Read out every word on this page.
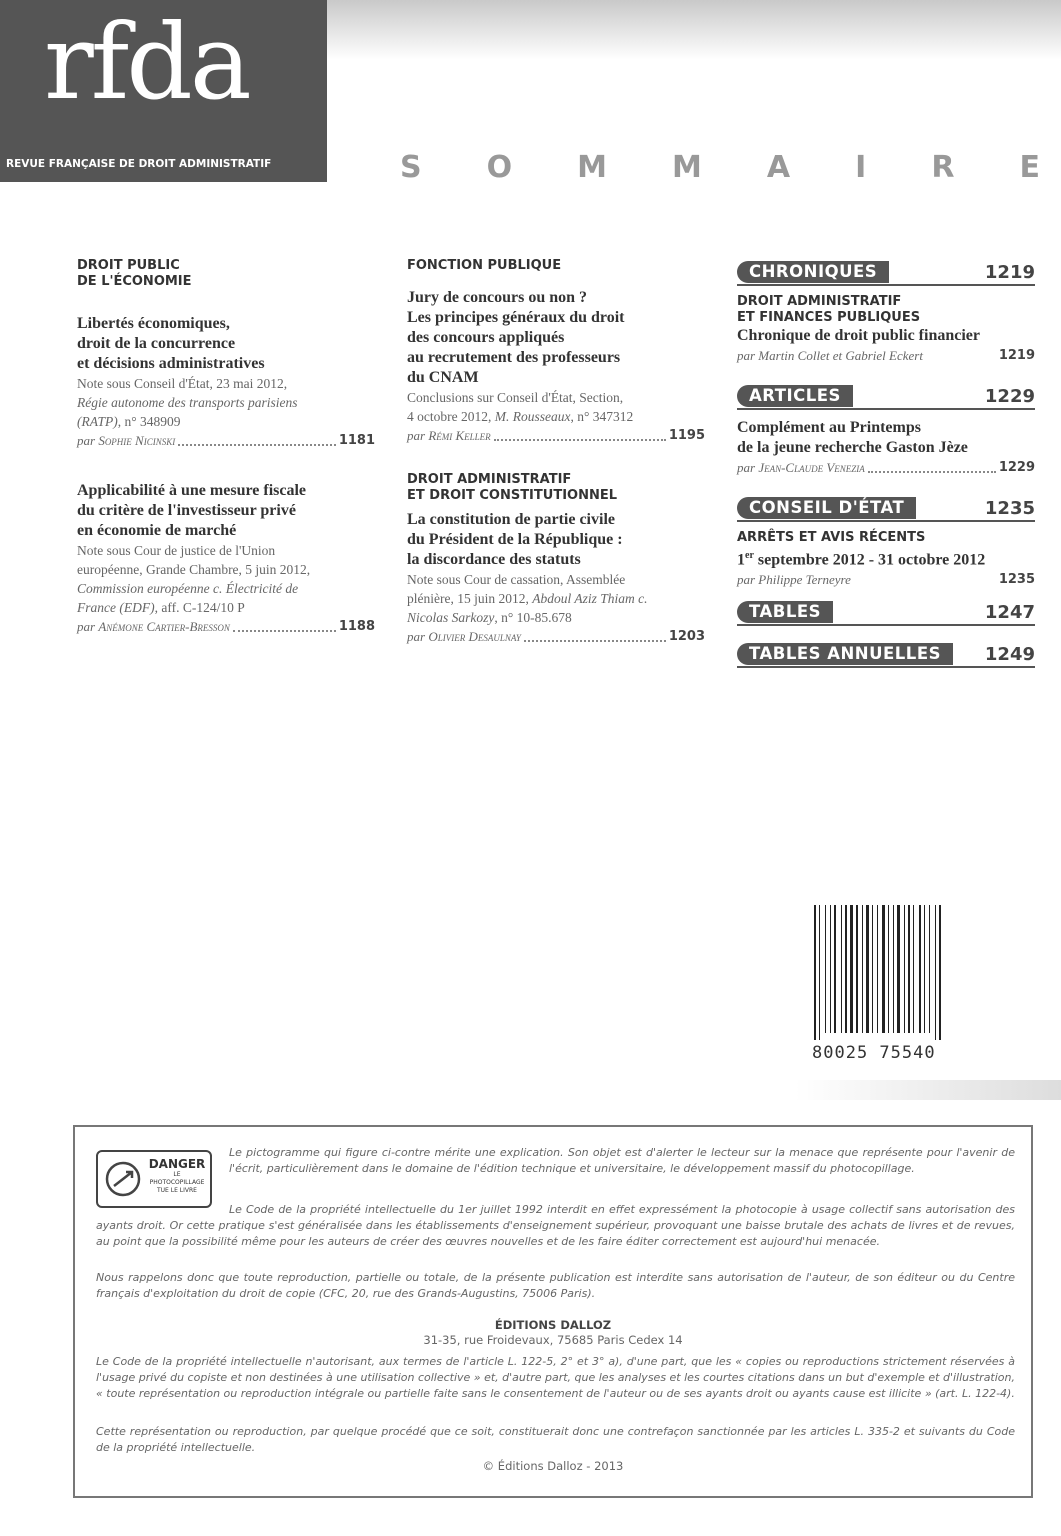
rfda
REVUE FRANÇAISE DE DROIT ADMINISTRATIF	S O M M A I R E
DROIT PUBLIC
DE L'ÉCONOMIE
Libertés économiques,
droit de la concurrence
et décisions administratives
Note sous Conseil d'État, 23 mai 2012,
Régie autonome des transports parisiens
(RATP), n° 348909
par
Sophie Nicinski	1181
Applicabilité à une mesure fiscale
du critère de l'investisseur privé
en économie de marché
Note sous Cour de justice de l'Union
européenne, Grande Chambre, 5 juin 2012,
Commission européenne c. Électricité de
France (EDF), aff. C-124/10 P
par
Anémone Cartier-Bresson	1188
FONCTION PUBLIQUE
Jury de concours ou non ?
Les principes généraux du droit
des concours appliqués
au recrutement des professeurs
du CNAM
Conclusions sur Conseil d'État, Section,
4 octobre 2012, M. Rousseaux, n° 347312
par
Rémi Keller	1195
DROIT ADMINISTRATIF
ET DROIT CONSTITUTIONNEL
La constitution de partie civile
du Président de la République :
la discordance des statuts
Note sous Cour de cassation, Assemblée
plénière, 15 juin 2012, Abdoul Aziz Thiam c.
Nicolas Sarkozy, n° 10-85.678
par
Olivier Desaulnay	1203
CHRONIQUES	1219
DROIT ADMINISTRATIF
ET FINANCES PUBLIQUES
Chronique de droit public financier
par Martin Collet et Gabriel Eckert	1219
ARTICLES	1229
Complément au Printemps
de la jeune recherche Gaston Jèze
par
Jean-Claude Venezia	1229
CONSEIL D'ÉTAT	1235
ARRÊTS ET AVIS RÉCENTS
1er septembre 2012 - 31 octobre 2012
par Philippe Terneyre	1235
TABLES	1247
TABLES ANNUELLES	1249
80025 75540
DANGER
LE
PHOTOCOPILLAGE
TUE LE LIVRE
Le pictogramme qui figure ci-contre mérite une explication. Son objet est d'alerter le lecteur sur la menace que représente pour l'avenir de l'écrit, particulièrement dans le domaine de l'édition technique et universitaire, le développement massif du photocopillage.
Le Code de la propriété intellectuelle du 1er juillet 1992 interdit en effet expressément la photocopie à usage collectif sans autorisation des ayants droit. Or cette pratique s'est généralisée dans les établissements d'enseignement supérieur, provoquant une baisse brutale des achats de livres et de revues, au point que la possibilité même pour les auteurs de créer des œuvres nouvelles et de les faire éditer correctement est aujourd'hui menacée.
Nous rappelons donc que toute reproduction, partielle ou totale, de la présente publication est interdite sans autorisation de l'auteur, de son éditeur ou du Centre français d'exploitation du droit de copie (CFC, 20, rue des Grands-Augustins, 75006 Paris).
ÉDITIONS DALLOZ
31-35, rue Froidevaux, 75685 Paris Cedex 14
Le Code de la propriété intellectuelle n'autorisant, aux termes de l'article L. 122-5, 2° et 3° a), d'une part, que les « copies ou reproductions strictement réservées à l'usage privé du copiste et non destinées à une utilisation collective » et, d'autre part, que les analyses et les courtes citations dans un but d'exemple et d'illustration, « toute représentation ou reproduction intégrale ou partielle faite sans le consentement de l'auteur ou de ses ayants droit ou ayants cause est illicite » (art. L. 122-4).
Cette représentation ou reproduction, par quelque procédé que ce soit, constituerait donc une contrefaçon sanctionnée par les articles L. 335-2 et suivants du Code de la propriété intellectuelle.
© Éditions Dalloz - 2013
